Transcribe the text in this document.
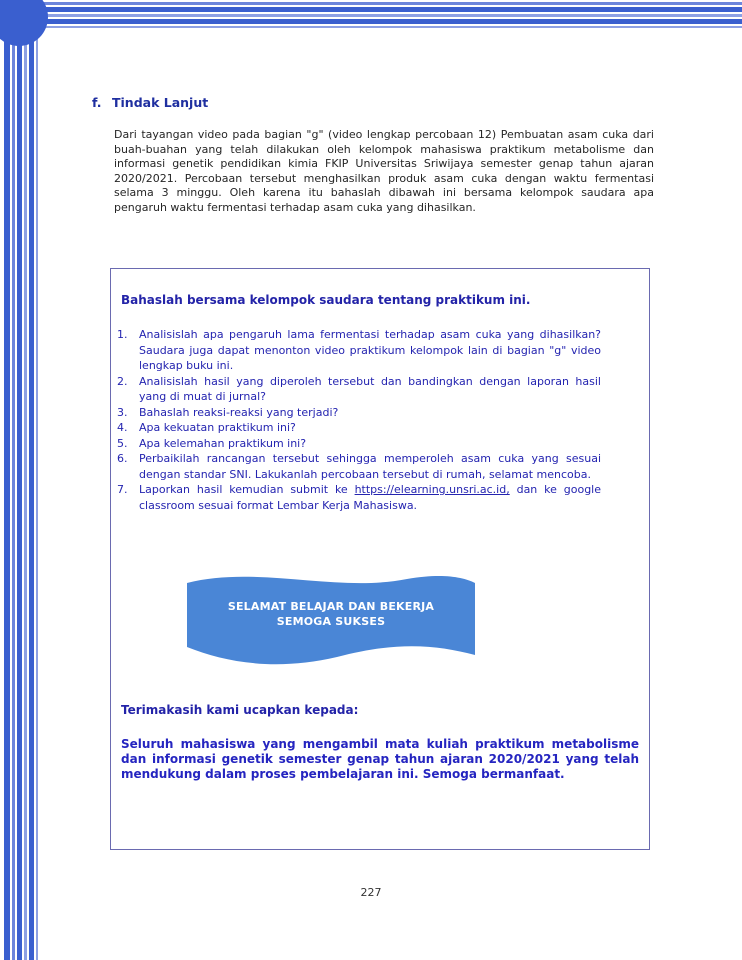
f. Tindak Lanjut

Dari tayangan video pada bagian "g" (video lengkap percobaan 12) Pembuatan asam cuka dari buah-buahan yang telah dilakukan oleh kelompok mahasiswa praktikum metabolisme dan informasi genetik pendidikan kimia FKIP Universitas Sriwijaya semester genap tahun ajaran 2020/2021. Percobaan tersebut menghasilkan produk asam cuka dengan waktu fermentasi selama 3 minggu. Oleh karena itu bahaslah dibawah ini bersama kelompok saudara apa pengaruh waktu fermentasi terhadap asam cuka yang dihasilkan.

Bahaslah bersama kelompok saudara tentang praktikum ini.
1.	Analisislah apa pengaruh lama fermentasi terhadap asam cuka yang dihasilkan? Saudara juga dapat menonton video praktikum kelompok lain di bagian "g" video lengkap buku ini.
2.	Analisislah hasil yang diperoleh tersebut dan bandingkan dengan laporan hasil yang di muat di jurnal?
3.	Bahaslah reaksi-reaksi yang terjadi?
4.	Apa kekuatan praktikum ini?
5.	Apa kelemahan praktikum ini?
6.	Perbaikilah rancangan tersebut sehingga memperoleh asam cuka yang sesuai dengan standar SNI. Lakukanlah percobaan tersebut di rumah, selamat mencoba.
7.	Laporkan hasil kemudian submit ke https://elearning.unsri.ac.id, dan ke google classroom sesuai format Lembar Kerja Mahasiswa.
SELAMAT BELAJAR DAN BEKERJA
SEMOGA SUKSES
Terimakasih kami ucapkan kepada:

Seluruh mahasiswa yang mengambil mata kuliah praktikum metabolisme dan informasi genetik semester genap tahun ajaran 2020/2021 yang telah mendukung dalam proses pembelajaran ini. Semoga bermanfaat.

227
